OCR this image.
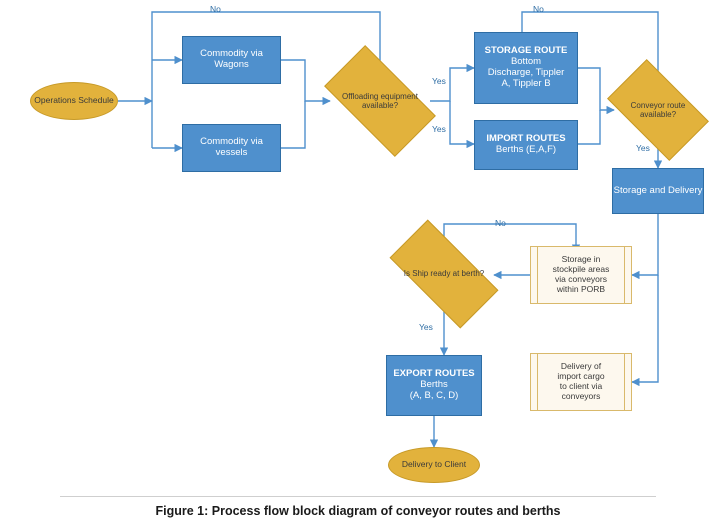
Operations Schedule
Commodity via Wagons
Commodity via vessels
Offloading equipment available?
STORAGE ROUTE
Bottom
Discharge, Tippler
A, Tippler B
IMPORT ROUTES
Berths (E,A,F)
Conveyor route available?
Storage and Delivery
Storage in
stockpile areas
via conveyors
within PORB
Delivery of
import cargo
to client via
conveyors
Is Ship ready at berth?
EXPORT ROUTES
Berths
(A, B, C, D)
Delivery to Client
No	No
Yes
Yes
Yes
No
Yes
Figure 1: Process flow block diagram of conveyor routes and berths
